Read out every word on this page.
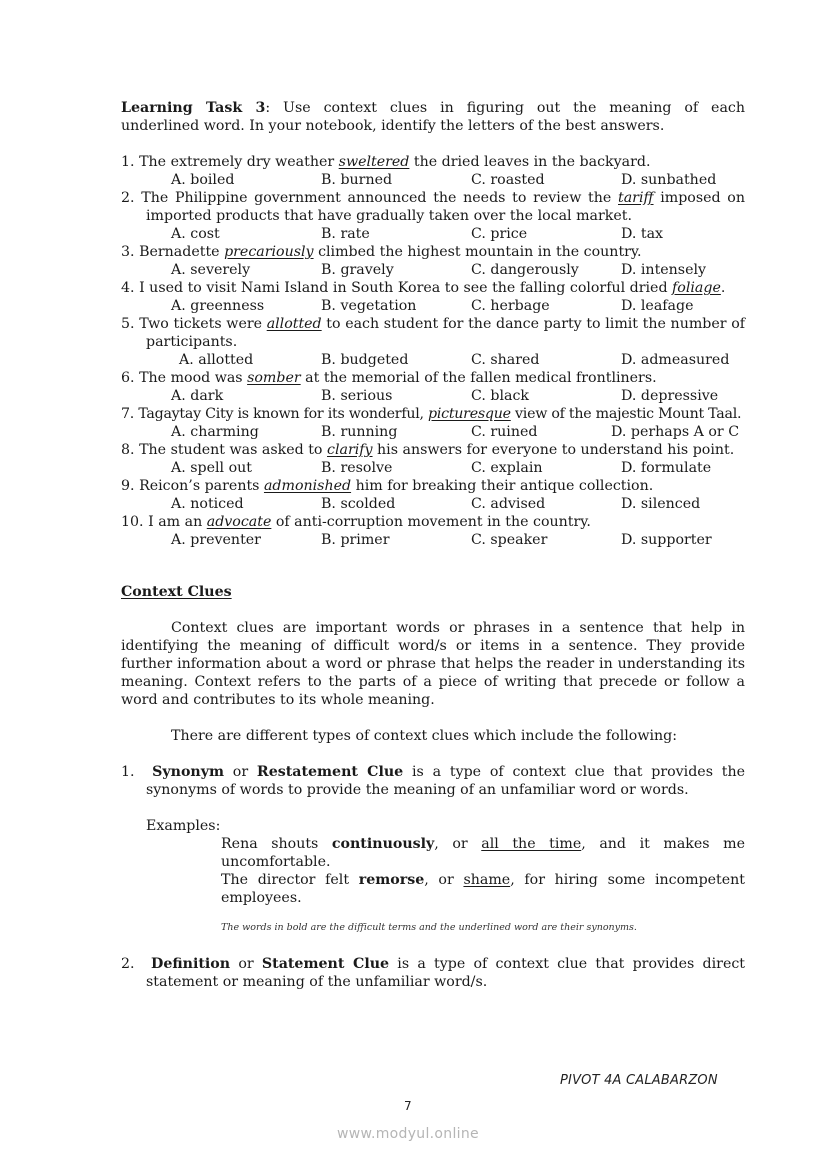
Learning Task 3: Use context clues in figuring out the meaning of each
underlined word. In your notebook, identify the letters of the best answers.
1. The extremely dry weather sweltered the dried leaves in the backyard.
A. boiled	B. burned	C. roasted	D. sunbathed
2. The Philippine government announced the needs to review the tariff imposed on imported products that have gradually taken over the local market.
A. cost	B. rate	C. price	D. tax
3. Bernadette precariously climbed the highest mountain in the country.
A. severely	B. gravely	C. dangerously	D. intensely
4. I used to visit Nami Island in South Korea to see the falling colorful dried foliage.
A. greenness	B. vegetation	C. herbage	D. leafage
5. Two tickets were allotted to each student for the dance party to limit the number of participants.
A. allotted	B. budgeted	C. shared	D. admeasured
6. The mood was somber at the memorial of the fallen medical frontliners.
A. dark	B. serious	C. black	D. depressive
7. Tagaytay City is known for its wonderful, picturesque view of the majestic Mount Taal.
A. charming	B. running	C. ruined	D. perhaps A or C
8. The student was asked to clarify his answers for everyone to understand his point.
A. spell out	B. resolve	C. explain	D. formulate
9. Reicon’s parents admonished him for breaking their antique collection.
A. noticed	B. scolded	C. advised	D. silenced
10. I am an advocate of anti-corruption movement in the country.
A. preventer	B. primer	C. speaker	D. supporter
Context Clues
Context clues are important words or phrases in a sentence that help in identifying the meaning of difficult word/s or items in a sentence. They provide further information about a word or phrase that helps the reader in understanding its meaning. Context refers to the parts of a piece of writing that precede or follow a word and contributes to its whole meaning.
There are different types of context clues which include the following:
1. Synonym or Restatement Clue is a type of context clue that provides the synonyms of words to provide the meaning of an unfamiliar word or words.
Examples:
Rena shouts continuously, or all the time, and it makes me uncomfortable.
The director felt remorse, or shame, for hiring some incompetent employees.
The words in bold are the difficult terms and the underlined word are their synonyms.
2. Definition or Statement Clue is a type of context clue that provides direct statement or meaning of the unfamiliar word/s.
PIVOT 4A CALABARZON
7
www.modyul.online
